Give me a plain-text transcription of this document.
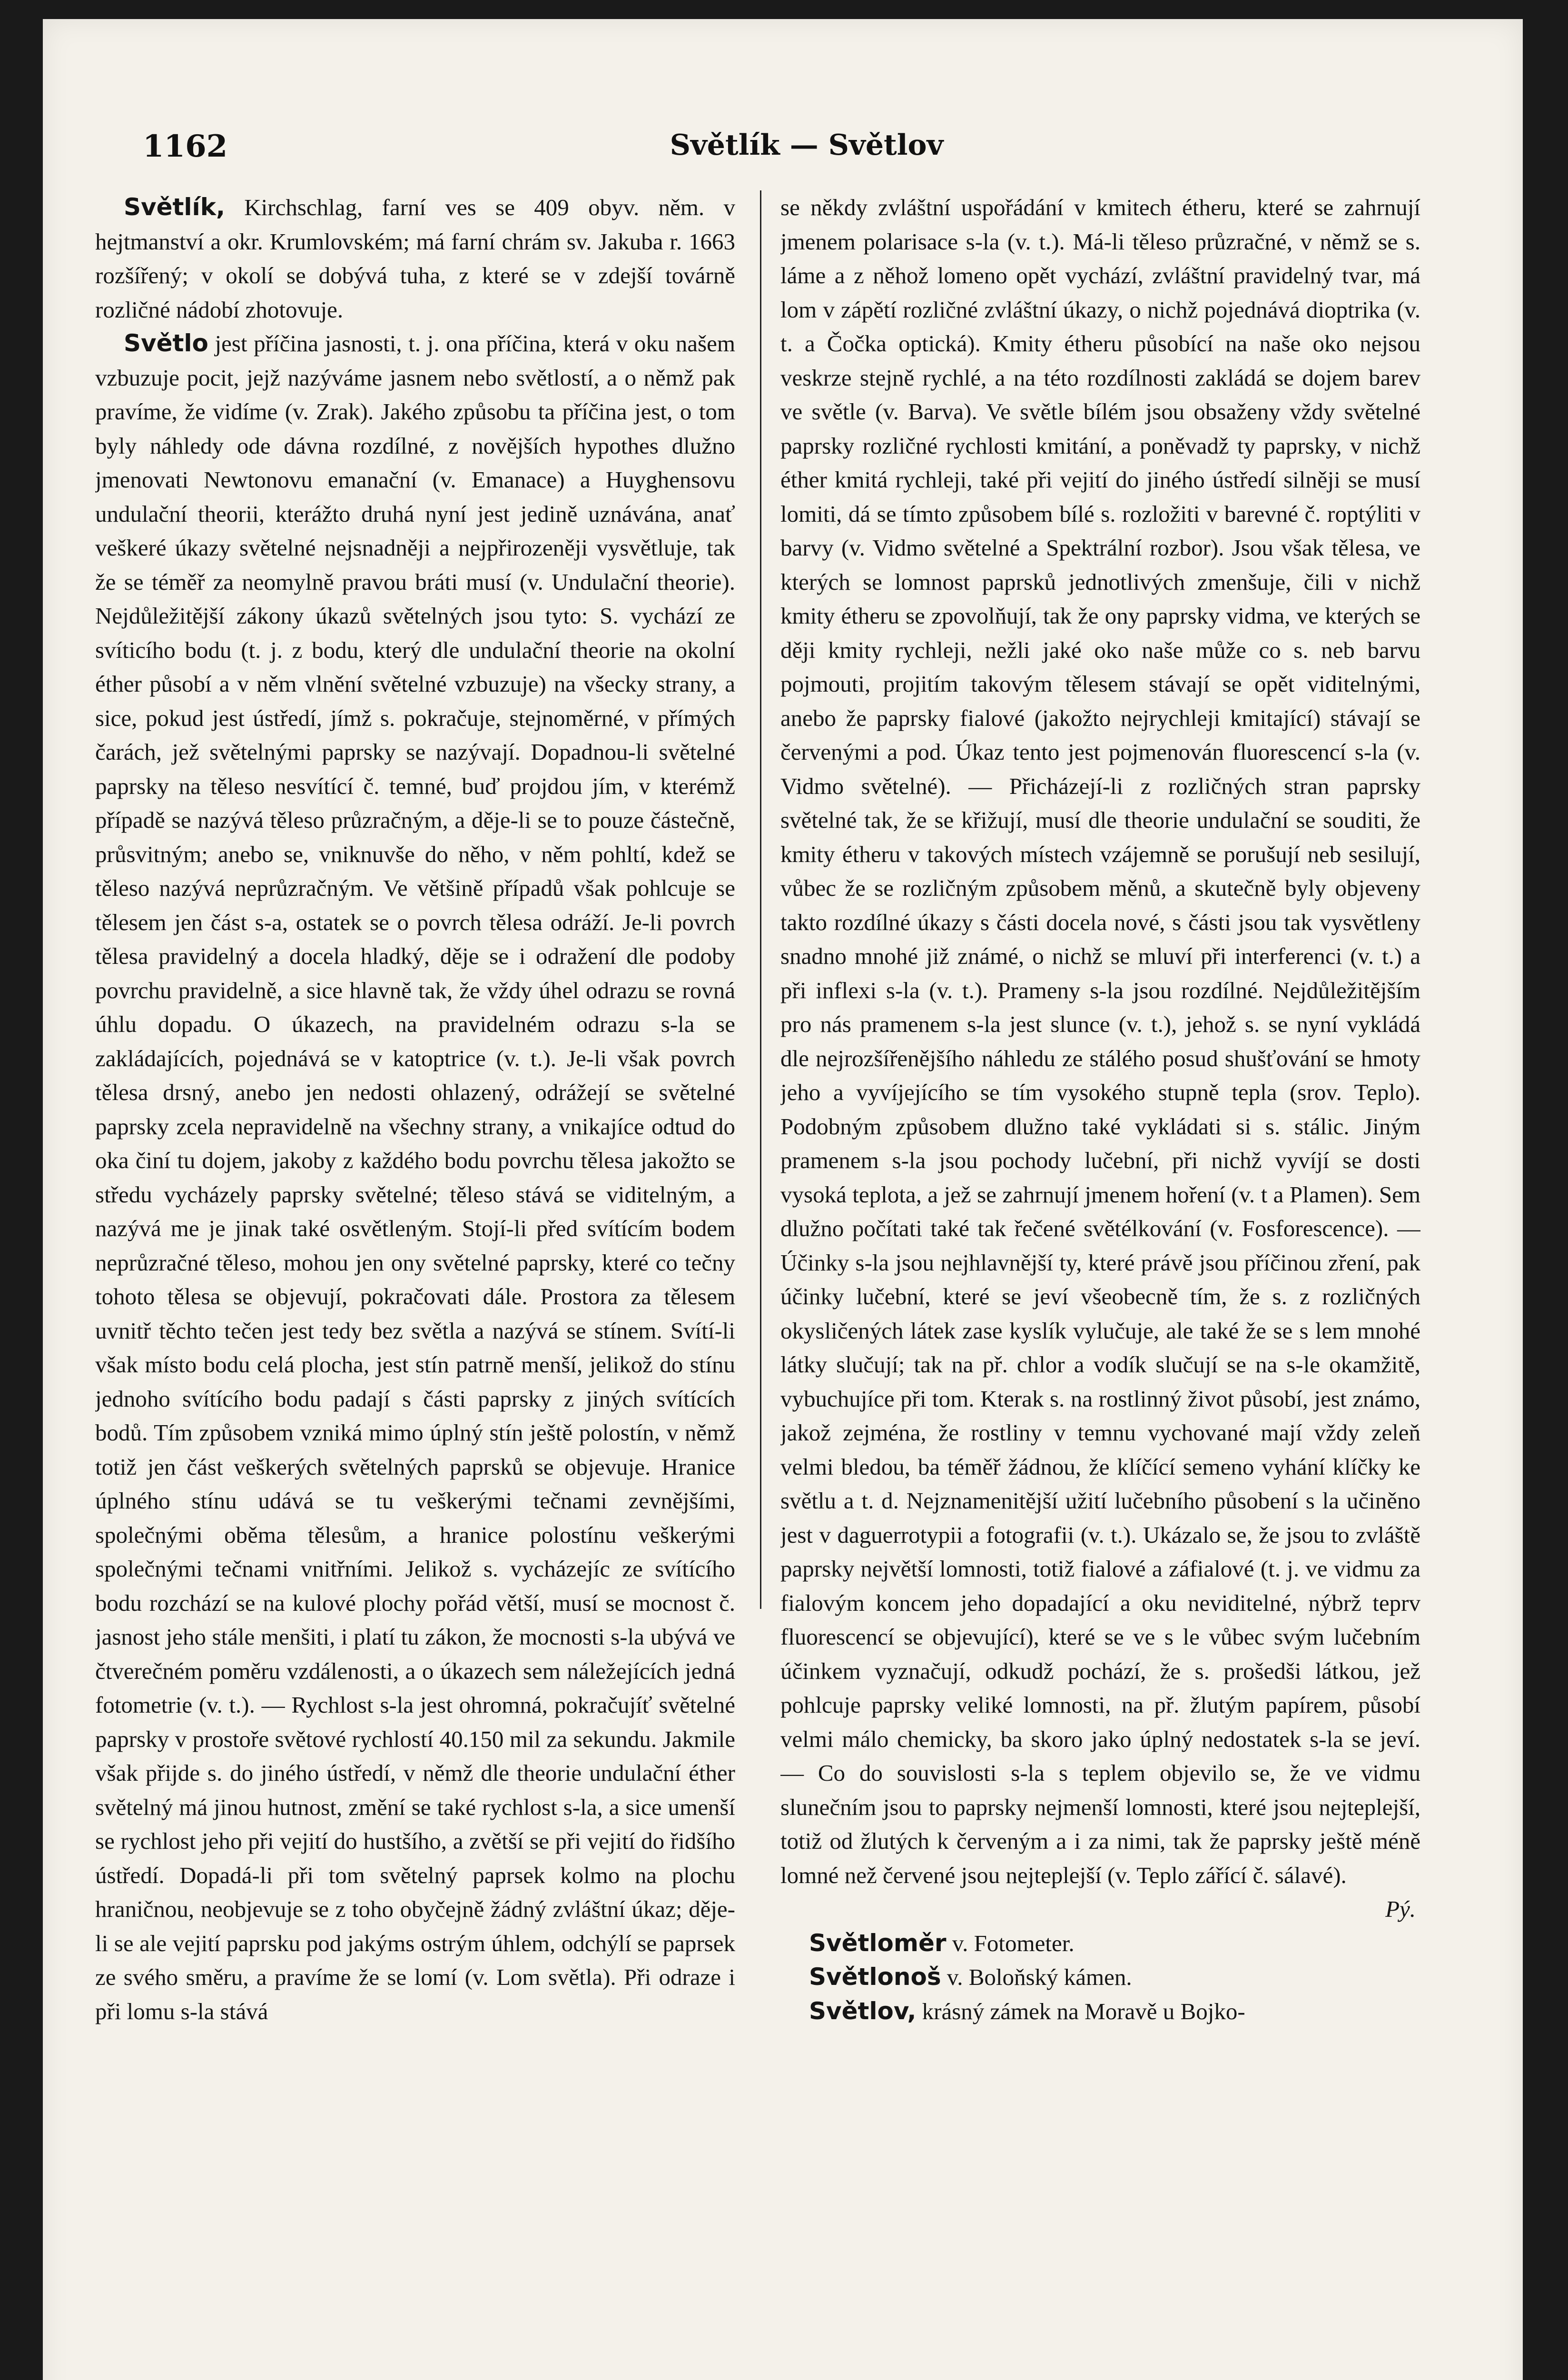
1162	Světlík — Světlov

Světlík, Kirchschlag, farní ves se 409 obyv. něm. v hejtmanství a okr. Krumlovském; má farní chrám sv. Jakuba r. 1663 rozšířený; v okolí se dobývá tuha, z které se v zdejší továrně rozličné nádobí zhotovuje.

Světlo jest příčina jasnosti, t. j. ona příčina, která v oku našem vzbuzuje pocit, jejž nazýváme jasnem nebo světlostí, a o němž pak pravíme, že vidíme (v. Zrak). Jakého způsobu ta příčina jest, o tom byly náhledy ode dávna rozdílné, z novějších hypothes dlužno jmenovati Newtonovu emanační (v. Emanace) a Huyghensovu undulační theorii, kterážto druhá nyní jest jedině uznávána, anať veškeré úkazy světelné nejsnadněji a nejpřirozeněji vysvětluje, tak že se téměř za neomylně pravou bráti musí (v. Undulační theorie). Nejdůležitější zákony úkazů světelných jsou tyto: S. vychází ze svíticího bodu (t. j. z bodu, který dle undulační theorie na okolní éther působí a v něm vlnění světelné vzbuzuje) na všecky strany, a sice, pokud jest ústředí, jímž s. pokračuje, stejnoměrné, v přímých čarách, jež světelnými paprsky se nazývají. Dopadnou-li světelné paprsky na těleso nesvítící č. temné, buď projdou jím, v kterémž případě se nazývá těleso průzračným, a děje-li se to pouze částečně, průsvitným; anebo se, vniknuvše do něho, v něm pohltí, kdež se těleso nazývá neprůzračným. Ve většině případů však pohlcuje se tělesem jen část s-a, ostatek se o povrch tělesa odráží. Je-li povrch tělesa pravidelný a docela hladký, děje se i odražení dle podoby povrchu pravidelně, a sice hlavně tak, že vždy úhel odrazu se rovná úhlu dopadu. O úkazech, na pravidelném odrazu s-la se zakládajících, pojednává se v katoptrice (v. t.). Je-li však povrch tělesa drsný, anebo jen nedosti ohlazený, odrážejí se světelné paprsky zcela nepravidelně na všechny strany, a vnikajíce odtud do oka činí tu dojem, jakoby z každého bodu povrchu tělesa jakožto se středu vycházely paprsky světelné; těleso stává se viditelným, a nazývá me je jinak také osvětleným. Stojí-li před svítícím bodem neprůzračné těleso, mohou jen ony světelné paprsky, které co tečny tohoto tělesa se objevují, pokračovati dále. Prostora za tělesem uvnitř těchto tečen jest tedy bez světla a nazývá se stínem. Svítí-li však místo bodu celá plocha, jest stín patrně menší, jelikož do stínu jednoho svítícího bodu padají s části paprsky z jiných svítících bodů. Tím způsobem vzniká mimo úplný stín ještě polostín, v němž totiž jen část veškerých světelných paprsků se objevuje. Hranice úplného stínu udává se tu veškerými tečnami zevnějšími, společnými oběma tělesům, a hranice polostínu veškerými společnými tečnami vnitřními. Jelikož s. vycházejíc ze svítícího bodu rozchází se na kulové plochy pořád větší, musí se mocnost č. jasnost jeho stále menšiti, i platí tu zákon, že mocnosti s-la ubývá ve čtverečném poměru vzdálenosti, a o úkazech sem náležejících jedná fotometrie (v. t.). — Rychlost s-la jest ohromná, pokračujíť světelné paprsky v prostoře světové rychlostí 40.150 mil za sekundu. Jakmile však přijde s. do jiného ústředí, v němž dle theorie undulační éther světelný má jinou hutnost, změní se také rychlost s-la, a sice umenší se rychlost jeho při vejití do hustšího, a zvětší se při vejití do řidšího ústředí. Dopadá-li při tom světelný paprsek kolmo na plochu hraničnou, neobjevuje se z toho obyčejně žádný zvláštní úkaz; děje-li se ale vejití paprsku pod jakýms ostrým úhlem, odchýlí se paprsek ze svého směru, a pravíme že se lomí (v. Lom světla). Při odraze i při lomu s-la stává

se někdy zvláštní uspořádání v kmitech étheru, které se zahrnují jmenem polarisace s-la (v. t.). Má-li těleso průzračné, v němž se s. láme a z něhož lomeno opět vychází, zvláštní pravidelný tvar, má lom v zápětí rozličné zvláštní úkazy, o nichž pojednává dioptrika (v. t. a Čočka optická). Kmity étheru působící na naše oko nejsou veskrze stejně rychlé, a na této rozdílnosti zakládá se dojem barev ve světle (v. Barva). Ve světle bílém jsou obsaženy vždy světelné paprsky rozličné rychlosti kmitání, a poněvadž ty paprsky, v nichž éther kmitá rychleji, také při vejití do jiného ústředí silněji se musí lomiti, dá se tímto způsobem bílé s. rozložiti v barevné č. roptýliti v barvy (v. Vidmo světelné a Spektrální rozbor). Jsou však tělesa, ve kterých se lomnost paprsků jednotlivých zmenšuje, čili v nichž kmity étheru se zpovolňují, tak že ony paprsky vidma, ve kterých se ději kmity rychleji, nežli jaké oko naše může co s. neb barvu pojmouti, projitím takovým tělesem stávají se opět viditelnými, anebo že paprsky fialové (jakožto nejrychleji kmitající) stávají se červenými a pod. Úkaz tento jest pojmenován fluorescencí s-la (v. Vidmo světelné). — Přicházejí-li z rozličných stran paprsky světelné tak, že se křižují, musí dle theorie undulační se souditi, že kmity étheru v takových místech vzájemně se porušují neb sesilují, vůbec že se rozličným způsobem měnů, a skutečně byly objeveny takto rozdílné úkazy s části docela nové, s části jsou tak vysvětleny snadno mnohé již známé, o nichž se mluví při interferenci (v. t.) a při inflexi s-la (v. t.). Prameny s-la jsou rozdílné. Nejdůležitějším pro nás pramenem s-la jest slunce (v. t.), jehož s. se nyní vykládá dle nejrozšířenějšího náhledu ze stálého posud shušťování se hmoty jeho a vyvíjejícího se tím vysokého stupně tepla (srov. Teplo). Podobným způsobem dlužno také vykládati si s. stálic. Jiným pramenem s-la jsou pochody lučební, při nichž vyvíjí se dosti vysoká teplota, a jež se zahrnují jmenem hoření (v. t a Plamen). Sem dlužno počítati také tak řečené světélkování (v. Fosforescence). — Účinky s-la jsou nejhlavnější ty, které právě jsou příčinou zření, pak účinky lučební, které se jeví všeobecně tím, že s. z rozličných okysličených látek zase kyslík vylučuje, ale také že se s lem mnohé látky slučují; tak na př. chlor a vodík slučují se na s-le okamžitě, vybuchujíce při tom. Kterak s. na rostlinný život působí, jest známo, jakož zejména, že rostliny v temnu vychované mají vždy zeleň velmi bledou, ba téměř žádnou, že klíčící semeno vyhání klíčky ke světlu a t. d. Nejznamenitější užití lučebního působení s la učiněno jest v daguerrotypii a fotografii (v. t.). Ukázalo se, že jsou to zvláště paprsky největší lomnosti, totiž fialové a záfialové (t. j. ve vidmu za fialovým koncem jeho dopadající a oku neviditelné, nýbrž teprv fluorescencí se objevující), které se ve s le vůbec svým lučebním účinkem vyznačují, odkudž pochází, že s. prošedši látkou, jež pohlcuje paprsky veliké lomnosti, na př. žlutým papírem, působí velmi málo chemicky, ba skoro jako úplný nedostatek s-la se jeví. — Co do souvislosti s-la s teplem objevilo se, že ve vidmu slunečním jsou to paprsky nejmenší lomnosti, které jsou nejteplejší, totiž od žlutých k červeným a i za nimi, tak že paprsky ještě méně lomné než červené jsou nejteplejší (v. Teplo zářící č. sálavé).

Pý.

Světloměr v. Fotometer.

Světlonoš v. Boloňský kámen.

Světlov, krásný zámek na Moravě u Bojko-
